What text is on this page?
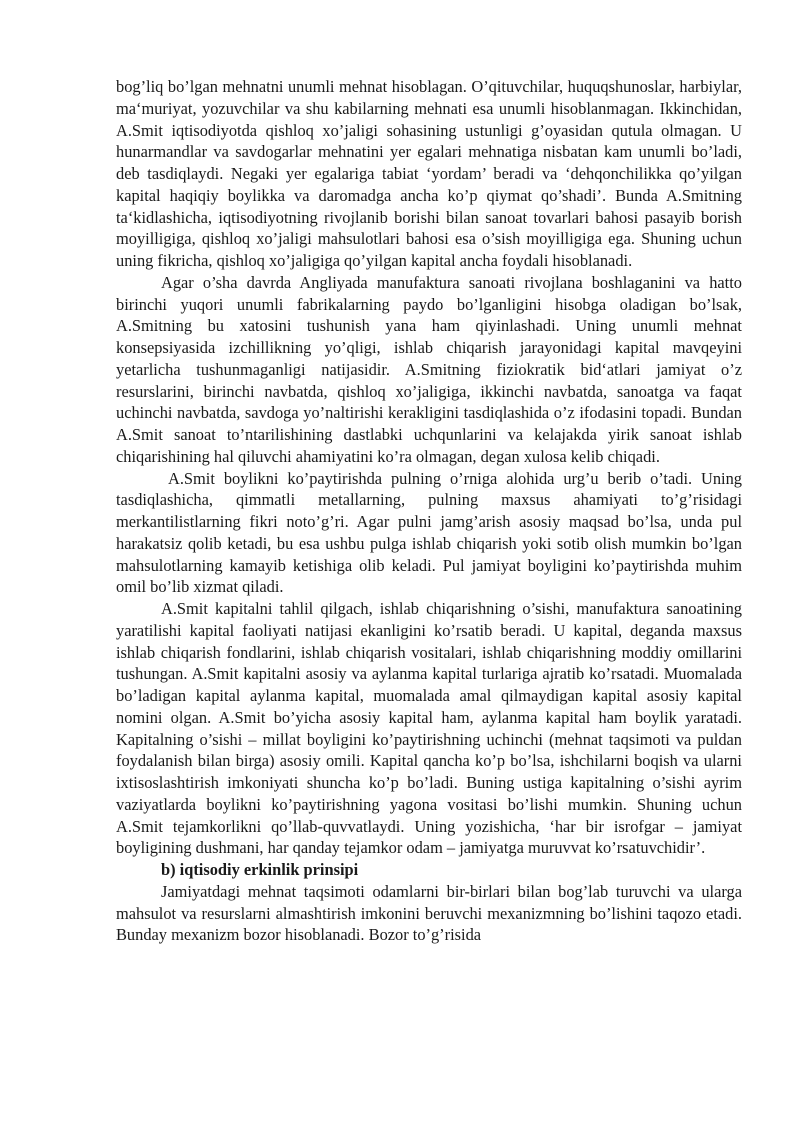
bog’liq bo’lgan mehnatni unumli mehnat hisoblagan. O’qituvchilar, huquqshunoslar, harbiylar, ma‘muriyat, yozuvchilar va shu kabilarning mehnati esa unumli hisoblanmagan. Ikkinchidan, A.Smit iqtisodiyotda qishloq xo’jaligi sohasining ustunligi g’oyasidan qutula olmagan. U hunarmandlar va savdogarlar mehnatini yer egalari mehnatiga nisbatan kam unumli bo’ladi, deb tasdiqlaydi. Negaki yer egalariga tabiat ‘yordam’ beradi va ‘dehqonchilikka qo’yilgan kapital haqiqiy boylikka va daromadga ancha ko’p qiymat qo’shadi’. Bunda A.Smitning ta‘kidlashicha, iqtisodiyotning rivojlanib borishi bilan sanoat tovarlari bahosi pasayib borish moyilligiga, qishloq xo’jaligi mahsulotlari bahosi esa o’sish moyilligiga ega. Shuning uchun uning fikricha, qishloq xo’jaligiga qo’yilgan kapital ancha foydali hisoblanadi.

Agar o’sha davrda Angliyada manufaktura sanoati rivojlana boshlaganini va hatto birinchi yuqori unumli fabrikalarning paydo bo’lganligini hisobga oladigan bo’lsak, A.Smitning bu xatosini tushunish yana ham qiyinlashadi. Uning unumli mehnat konsepsiyasida izchillikning yo’qligi, ishlab chiqarish jarayonidagi kapital mavqeyini yetarlicha tushunmaganligi natijasidir. A.Smitning fiziokratik bid‘atlari jamiyat o’z resurslarini, birinchi navbatda, qishloq xo’jaligiga, ikkinchi navbatda, sanoatga va faqat uchinchi navbatda, savdoga yo’naltirishi kerakligini tasdiqlashida o’z ifodasini topadi. Bundan A.Smit sanoat to’ntarilishining dastlabki uchqunlarini va kelajakda yirik sanoat ishlab chiqarishining hal qiluvchi ahamiyatini ko’ra olmagan, degan xulosa kelib chiqadi.

A.Smit boylikni ko’paytirishda pulning o’rniga alohida urg’u berib o’tadi. Uning tasdiqlashicha, qimmatli metallarning, pulning maxsus ahamiyati to’g’risidagi merkantilistlarning fikri noto’g’ri. Agar pulni jamg’arish asosiy maqsad bo’lsa, unda pul harakatsiz qolib ketadi, bu esa ushbu pulga ishlab chiqarish yoki sotib olish mumkin bo’lgan mahsulotlarning kamayib ketishiga olib keladi. Pul jamiyat boyligini ko’paytirishda muhim omil bo’lib xizmat qiladi.

A.Smit kapitalni tahlil qilgach, ishlab chiqarishning o’sishi, manufaktura sanoatining yaratilishi kapital faoliyati natijasi ekanligini ko’rsatib beradi. U kapital, deganda maxsus ishlab chiqarish fondlarini, ishlab chiqarish vositalari, ishlab chiqarishning moddiy omillarini tushungan. A.Smit kapitalni asosiy va aylanma kapital turlariga ajratib ko’rsatadi. Muomalada bo’ladigan kapital aylanma kapital, muomalada amal qilmaydigan kapital asosiy kapital nomini olgan. A.Smit bo’yicha asosiy kapital ham, aylanma kapital ham boylik yaratadi. Kapitalning o’sishi – millat boyligini ko’paytirishning uchinchi (mehnat taqsimoti va puldan foydalanish bilan birga) asosiy omili. Kapital qancha ko’p bo’lsa, ishchilarni boqish va ularni ixtisoslashtirish imkoniyati shuncha ko’p bo’ladi. Buning ustiga kapitalning o’sishi ayrim vaziyatlarda boylikni ko’paytirishning yagona vositasi bo’lishi mumkin. Shuning uchun A.Smit tejamkorlikni qo’llab-quvvatlaydi. Uning yozishicha, ‘har bir isrofgar – jamiyat boyligining dushmani, har qanday tejamkor odam – jamiyatga muruvvat ko’rsatuvchidir’.

b) iqtisodiy erkinlik prinsipi

Jamiyatdagi mehnat taqsimoti odamlarni bir-birlari bilan bog’lab turuvchi va ularga mahsulot va resurslarni almashtirish imkonini beruvchi mexanizmning bo’lishini taqozo etadi. Bunday mexanizm bozor hisoblanadi. Bozor to’g’risida
